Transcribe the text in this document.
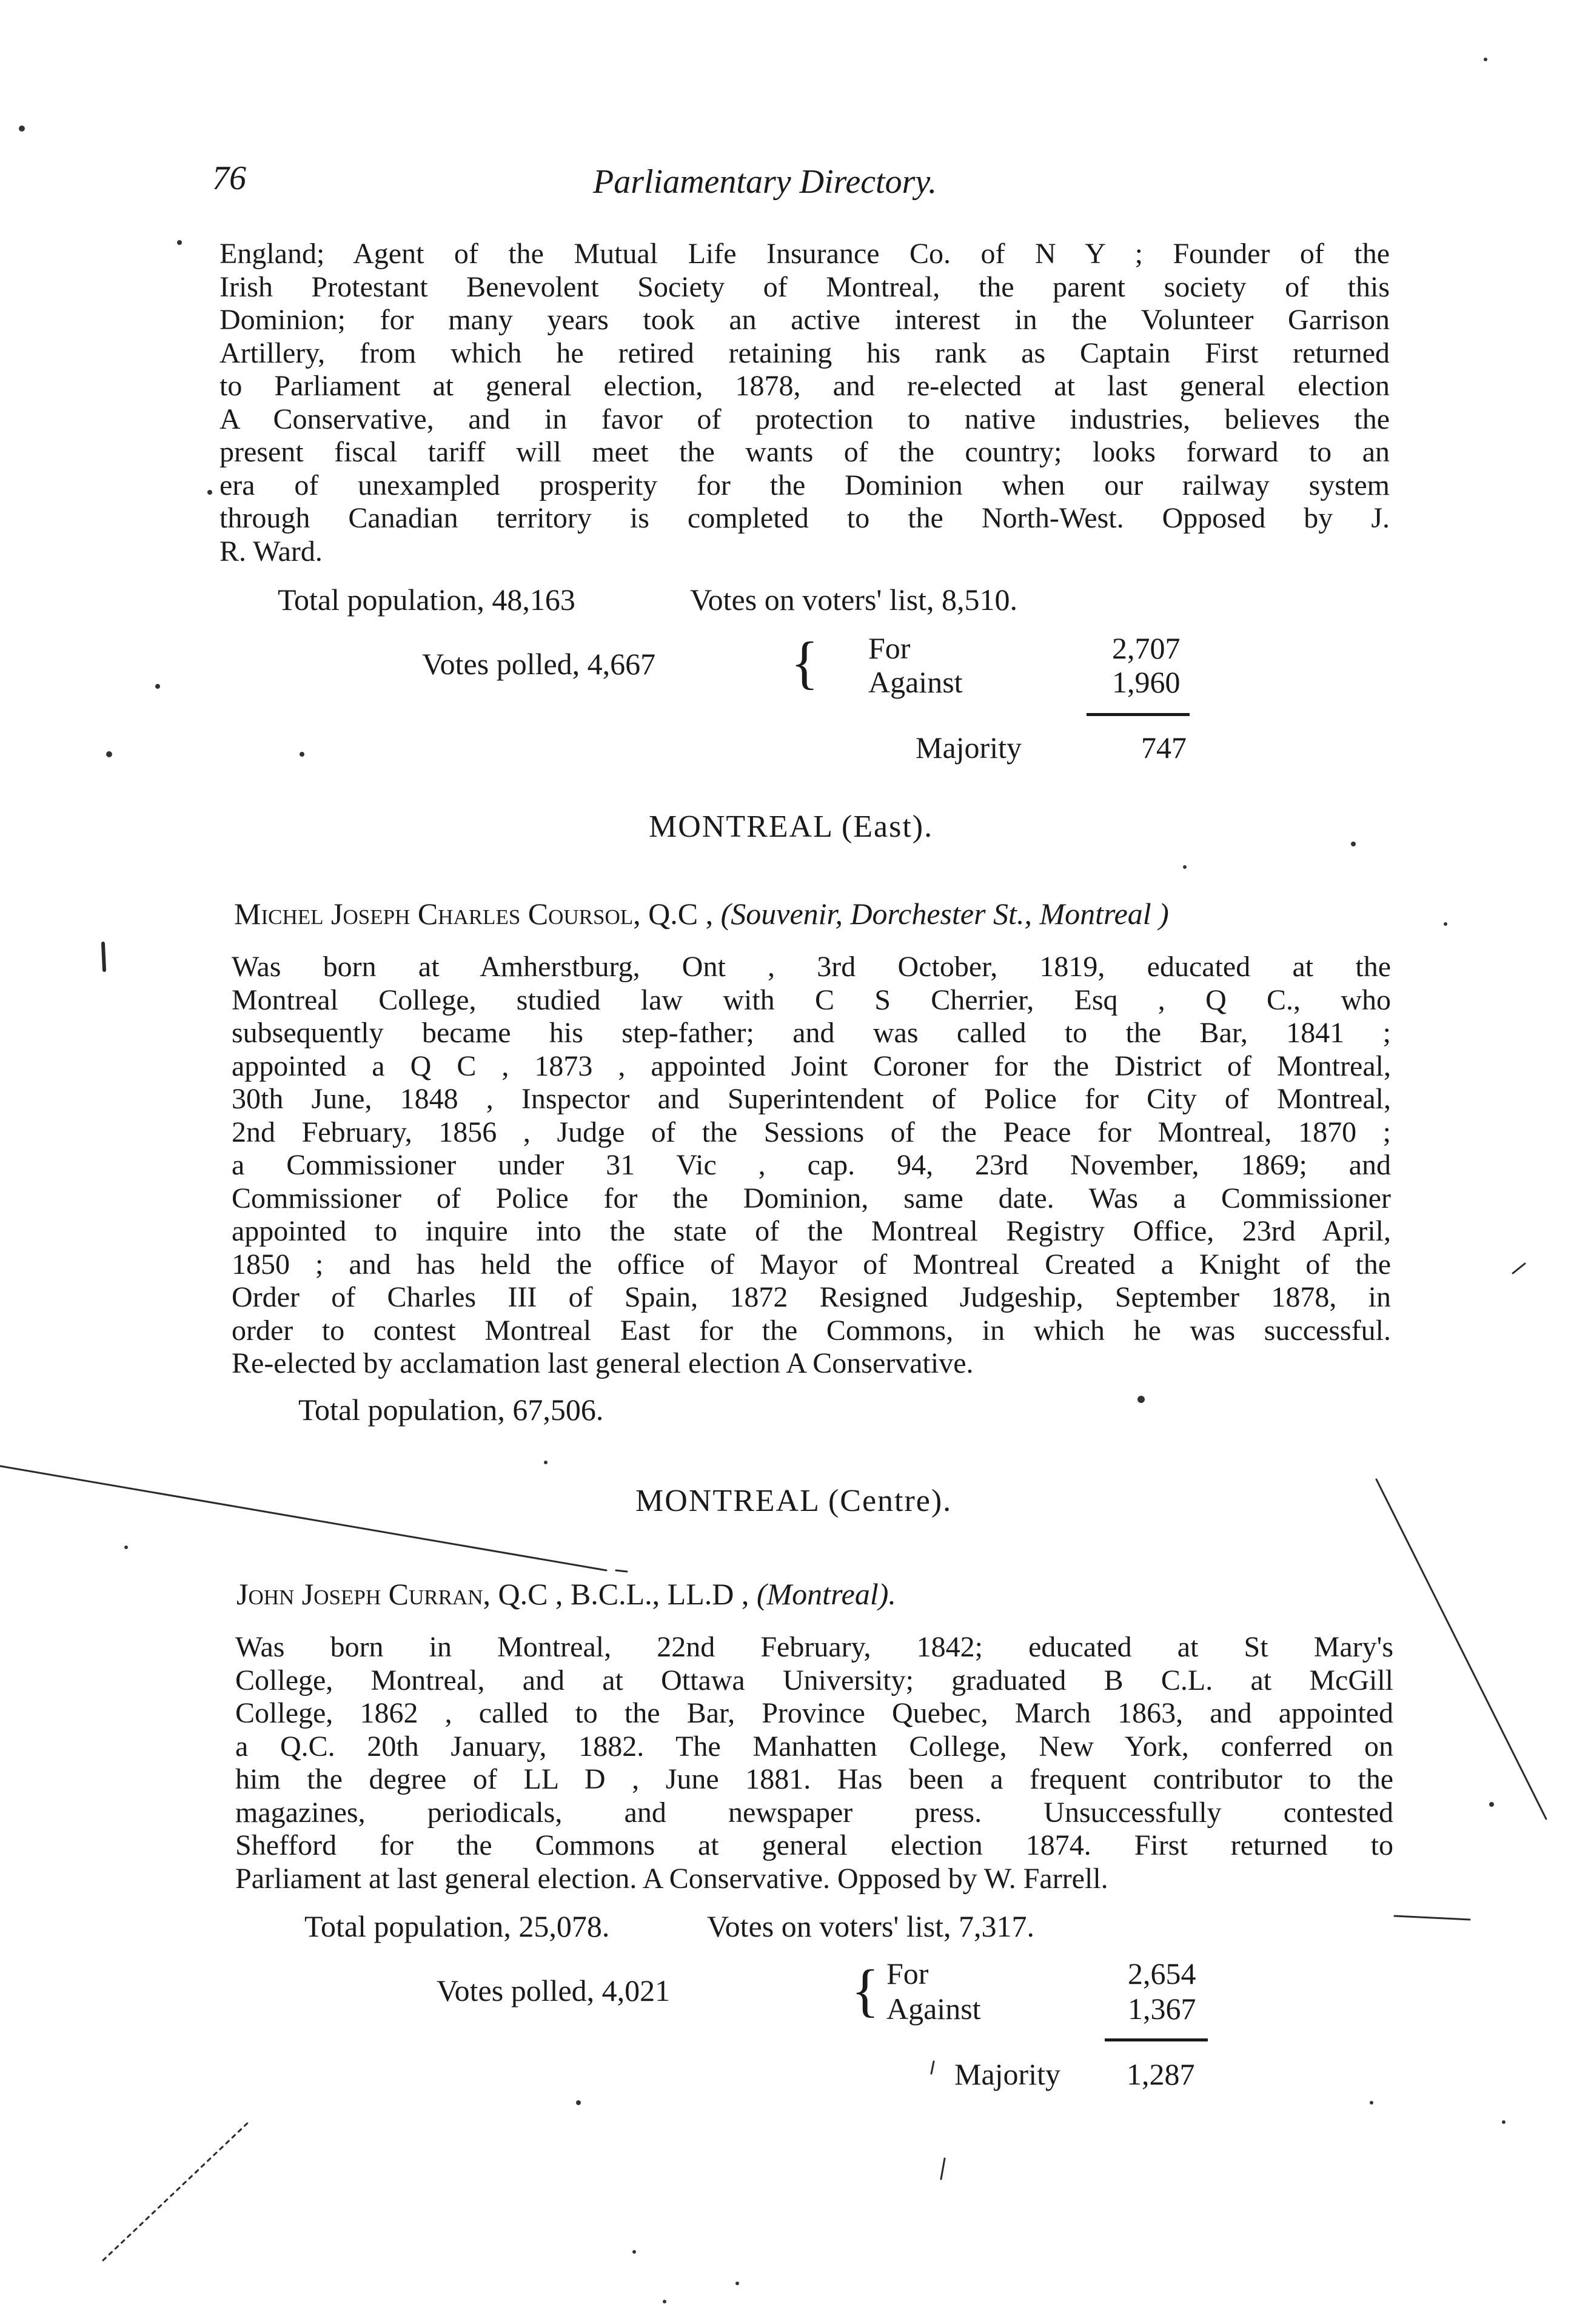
76	Parliamentary Directory.
England; Agent of the Mutual Life Insurance Co. of N Y ; Founder of the
Irish Protestant Benevolent Society of Montreal, the parent society of this
Dominion; for many years took an active interest in the Volunteer Garrison
Artillery, from which he retired retaining his rank as Captain First returned
to Parliament at general election, 1878, and re-elected at last general election
A Conservative, and in favor of protection to native industries, believes the
present fiscal tariff will meet the wants of the country; looks forward to an
era of unexampled prosperity for the Dominion when our railway system
through Canadian territory is completed to the North-West. Opposed by J.
R. Ward.
Total population, 48,163	Votes on voters' list, 8,510.
Votes polled, 4,667 { For	2,707
Against	1,960
Majority	747
MONTREAL (East).
Michel Joseph Charles Coursol, Q.C , (Souvenir, Dorchester St., Montreal )
Was born at Amherstburg, Ont , 3rd October, 1819, educated at the
Montreal College, studied law with C S Cherrier, Esq , Q C., who
subsequently became his step-father; and was called to the Bar, 1841 ;
appointed a Q C , 1873 , appointed Joint Coroner for the District of Montreal,
30th June, 1848 , Inspector and Superintendent of Police for City of Montreal,
2nd February, 1856 , Judge of the Sessions of the Peace for Montreal, 1870 ;
a Commissioner under 31 Vic , cap. 94, 23rd November, 1869; and
Commissioner of Police for the Dominion, same date. Was a Commissioner
appointed to inquire into the state of the Montreal Registry Office, 23rd April,
1850 ; and has held the office of Mayor of Montreal Created a Knight of the
Order of Charles III of Spain, 1872 Resigned Judgeship, September 1878, in
order to contest Montreal East for the Commons, in which he was successful.
Re-elected by acclamation last general election A Conservative.
Total population, 67,506.
MONTREAL (Centre).
John Joseph Curran, Q.C , B.C.L., LL.D , (Montreal).
Was born in Montreal, 22nd February, 1842; educated at St Mary's
College, Montreal, and at Ottawa University; graduated B C.L. at McGill
College, 1862 , called to the Bar, Province Quebec, March 1863, and appointed
a Q.C. 20th January, 1882. The Manhatten College, New York, conferred on
him the degree of LL D , June 1881. Has been a frequent contributor to the
magazines, periodicals, and newspaper press. Unsuccessfully contested
Shefford for the Commons at general election 1874. First returned to
Parliament at last general election. A Conservative. Opposed by W. Farrell.
Total population, 25,078.	Votes on voters' list, 7,317.
Votes polled, 4,021	{ For	2,654
Against	1,367
Majority 1,287
